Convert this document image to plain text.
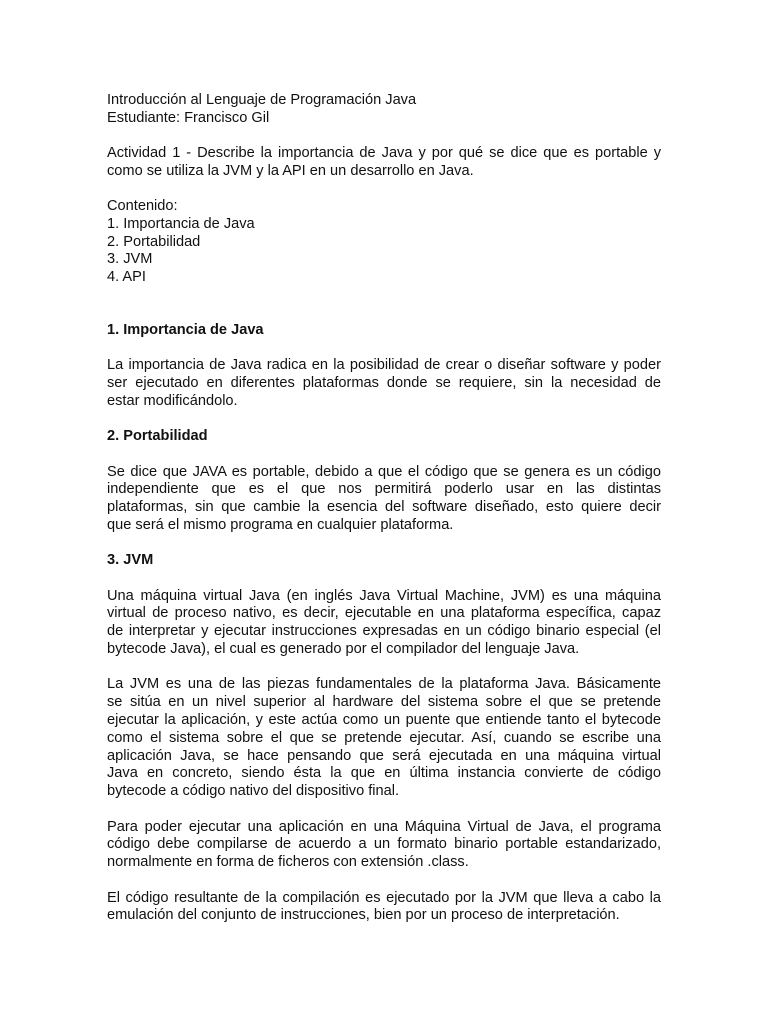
Introducción al Lenguaje de Programación Java
Estudiante: Francisco Gil
Actividad 1 - Describe la importancia de Java y por qué se dice que es portable y
como se utiliza la JVM y la API en un desarrollo en Java.
Contenido:
1. Importancia de Java
2. Portabilidad
3. JVM
4. API
1. Importancia de Java
La importancia de Java radica en la posibilidad de crear o diseñar software y poder
ser ejecutado en diferentes plataformas donde se requiere, sin la necesidad de
estar modificándolo.
2. Portabilidad
Se dice que JAVA es portable, debido a que el código que se genera es un código
independiente que es el que nos permitirá poderlo usar en las distintas
plataformas, sin que cambie la esencia del software diseñado, esto quiere decir
que será el mismo programa en cualquier plataforma.
3. JVM
Una máquina virtual Java (en inglés Java Virtual Machine, JVM) es una máquina
virtual de proceso nativo, es decir, ejecutable en una plataforma específica, capaz
de interpretar y ejecutar instrucciones expresadas en un código binario especial (el
bytecode Java), el cual es generado por el compilador del lenguaje Java.
La JVM es una de las piezas fundamentales de la plataforma Java. Básicamente
se sitúa en un nivel superior al hardware del sistema sobre el que se pretende
ejecutar la aplicación, y este actúa como un puente que entiende tanto el bytecode
como el sistema sobre el que se pretende ejecutar. Así, cuando se escribe una
aplicación Java, se hace pensando que será ejecutada en una máquina virtual
Java en concreto, siendo ésta la que en última instancia convierte de código
bytecode a código nativo del dispositivo final.
Para poder ejecutar una aplicación en una Máquina Virtual de Java, el programa
código debe compilarse de acuerdo a un formato binario portable estandarizado,
normalmente en forma de ficheros con extensión .class.
El código resultante de la compilación es ejecutado por la JVM que lleva a cabo la
emulación del conjunto de instrucciones, bien por un proceso de interpretación.
